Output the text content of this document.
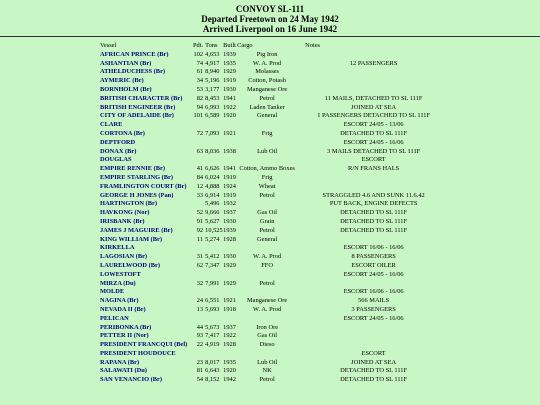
CONVOY SL-111
Departed Freetown on 24 May 1942
Arrived Liverpool on 16 June 1942
Vessel	Pdt.	Tons	Built	Cargo	Notes
AFRICAN PRINCE (Br)	102	4,653	1939	Pig Iron	
ASHANTIAN (Br)	74	4,917	1935	W. A. Prod	12 PASSENGERS
ATHELDUCHESS (Br)	61	8,940	1929	Molasses	
AYMERIC (Br)	34	5,196	1919	Cotton, Potash	
BORNHOLM (Br)	53	3,177	1930	Manganese Ore	
BRITISH CHARACTER (Br)	82	8,453	1941	Petrol	11 MAILS, DETACHED TO SL 111F
BRITISH ENGINEER (Br)	94	6,993	1922	Laden Tanker	JOINED AT SEA
CITY OF ADELAIDE (Br)	101	6,589	1920	General	1 PASSENGERS DETACHED TO SL 111F
CLARE					ESCORT 24/05 - 13/06
CORTONA (Br)	72	7,093	1921	Frig	DETACHED TO SL 111F
DEPTFORD					ESCORT 24/05 - 16/06
DONAX (Br)	63	8,036	1938	Lub Oil	3 MAILS DETACHED TO SL 111F
DOUGLAS					ESCORT
EMPIRE RENNIE (Br)	41	6,626	1941	Cotton, Ammo Boxes	R/N FRANS HALS
EMPIRE STARLING (Br)	84	6,024	1919	Frig	
FRAMLINGTON COURT (Br)	12	4,888	1924	Wheat	
GEORGE H JONES (Pan)	33	6,914	1919	Petrol	STRAGGLED 4.6 AND SUNK 11.6.42
HARTINGTON (Br)		5,496	1932		PUT BACK, ENGINE DEFECTS
HAVKONG (Nor)	52	9,666	1937	Gas Oil	DETACHED TO SL 111F
IRISBANK (Br)	91	5,627	1930	Grain	DETACHED TO SL 111F
JAMES J MAGUIRE (Br)	92	10,525	1939	Petrol	DETACHED TO SL 111F
KING WILLIAM (Br)	11	5,274	1928	General	
KIRKELLA					ESCORT 16/06 - 16/06
LAGOSIAN (Br)	31	5,412	1930	W. A. Prod	8 PASSENGERS
LAURELWOOD (Br)	62	7,347	1929	FFO	ESCORT OILER
LOWESTOFT					ESCORT 24/05 - 16/06
MIRZA (Du)	32	7,991	1929	Petrol	
MOLDE					ESCORT 16/06 - 16/06
NAGINA (Br)	24	6,551	1921	Manganese Ore	566 MAILS
NEVADA II (Br)	13	5,693	1918	W. A. Prod	3 PASSENGERS
PELICAN					ESCORT 24/05 - 16/06
PERIBONKA (Br)	44	5,673	1937	Iron Ore	
PETTER II (Nor)	93	7,417	1922	Gas Oil	
PRESIDENT FRANCQUI (Bel)	22	4,919	1928	Dieso	
PRESIDENT HOUDOUCE					ESCORT
RAPANA (Br)	23	8,017	1935	Lub Oil	JOINED AT SEA
SALAWATI (Du)	81	6,643	1920	NK	DETACHED TO SL 111F
SAN VENANCIO (Br)	54	8,152	1942	Petrol	DETACHED TO SL 111F
